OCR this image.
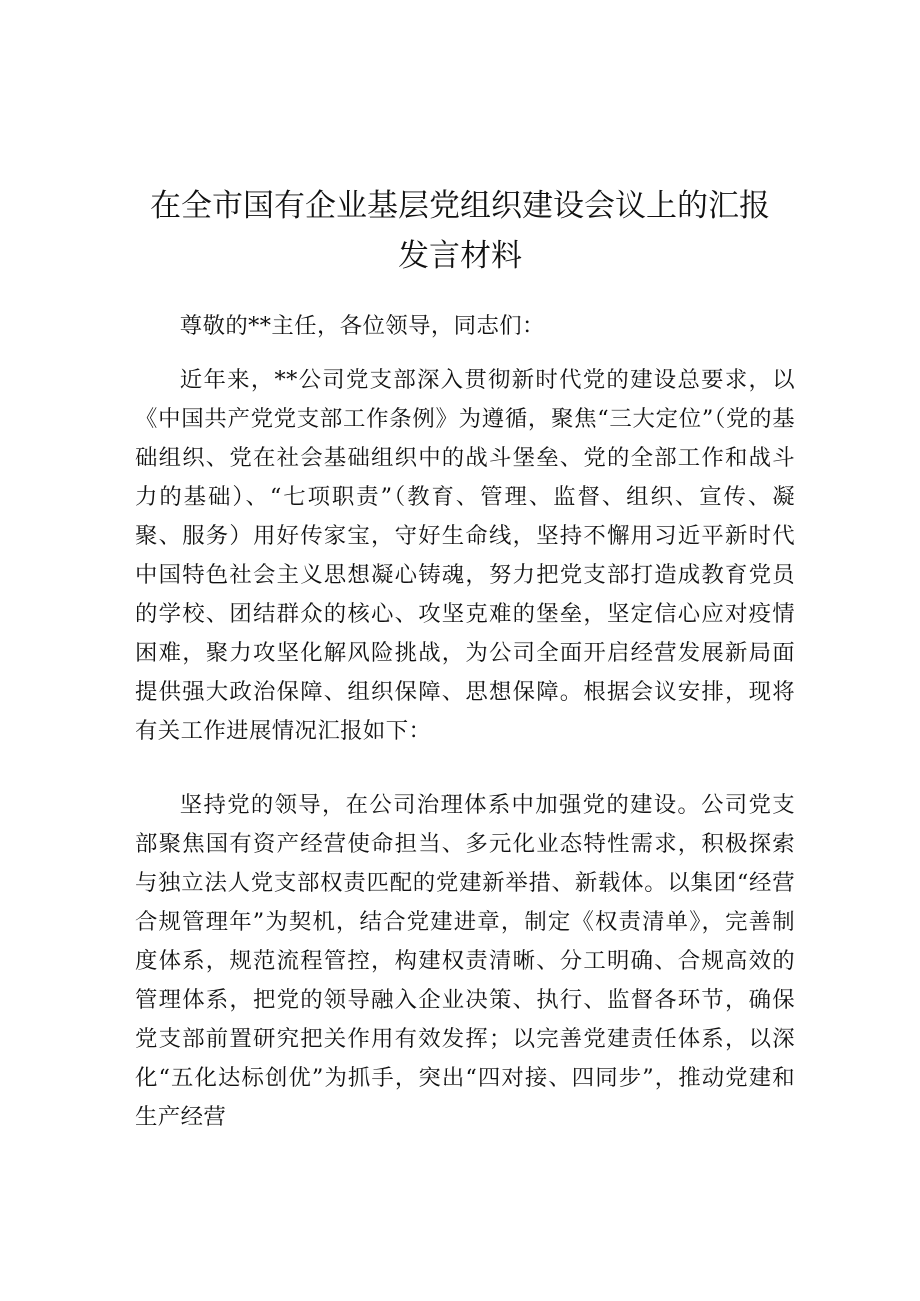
在全市国有企业基层党组织建设会议上的汇报
发言材料

尊敬的**主任，各位领导，同志们：

近年来，**公司党支部深入贯彻新时代党的建设总要求，以《中国共产党党支部工作条例》为遵循，聚焦“三大定位”（党的基础组织、党在社会基础组织中的战斗堡垒、党的全部工作和战斗力的基础）、“七项职责”（教育、管理、监督、组织、宣传、凝聚、服务）用好传家宝，守好生命线，坚持不懈用习近平新时代中国特色社会主义思想凝心铸魂，努力把党支部打造成教育党员的学校、团结群众的核心、攻坚克难的堡垒，坚定信心应对疫情困难，聚力攻坚化解风险挑战，为公司全面开启经营发展新局面提供强大政治保障、组织保障、思想保障。根据会议安排，现将有关工作进展情况汇报如下：

坚持党的领导，在公司治理体系中加强党的建设。公司党支部聚焦国有资产经营使命担当、多元化业态特性需求，积极探索与独立法人党支部权责匹配的党建新举措、新载体。以集团“经营合规管理年”为契机，结合党建进章，制定《权责清单》，完善制度体系，规范流程管控，构建权责清晰、分工明确、合规高效的管理体系，把党的领导融入企业决策、执行、监督各环节，确保党支部前置研究把关作用有效发挥；以完善党建责任体系，以深化“五化达标创优”为抓手，突出“四对接、四同步”，推动党建和生产经营
